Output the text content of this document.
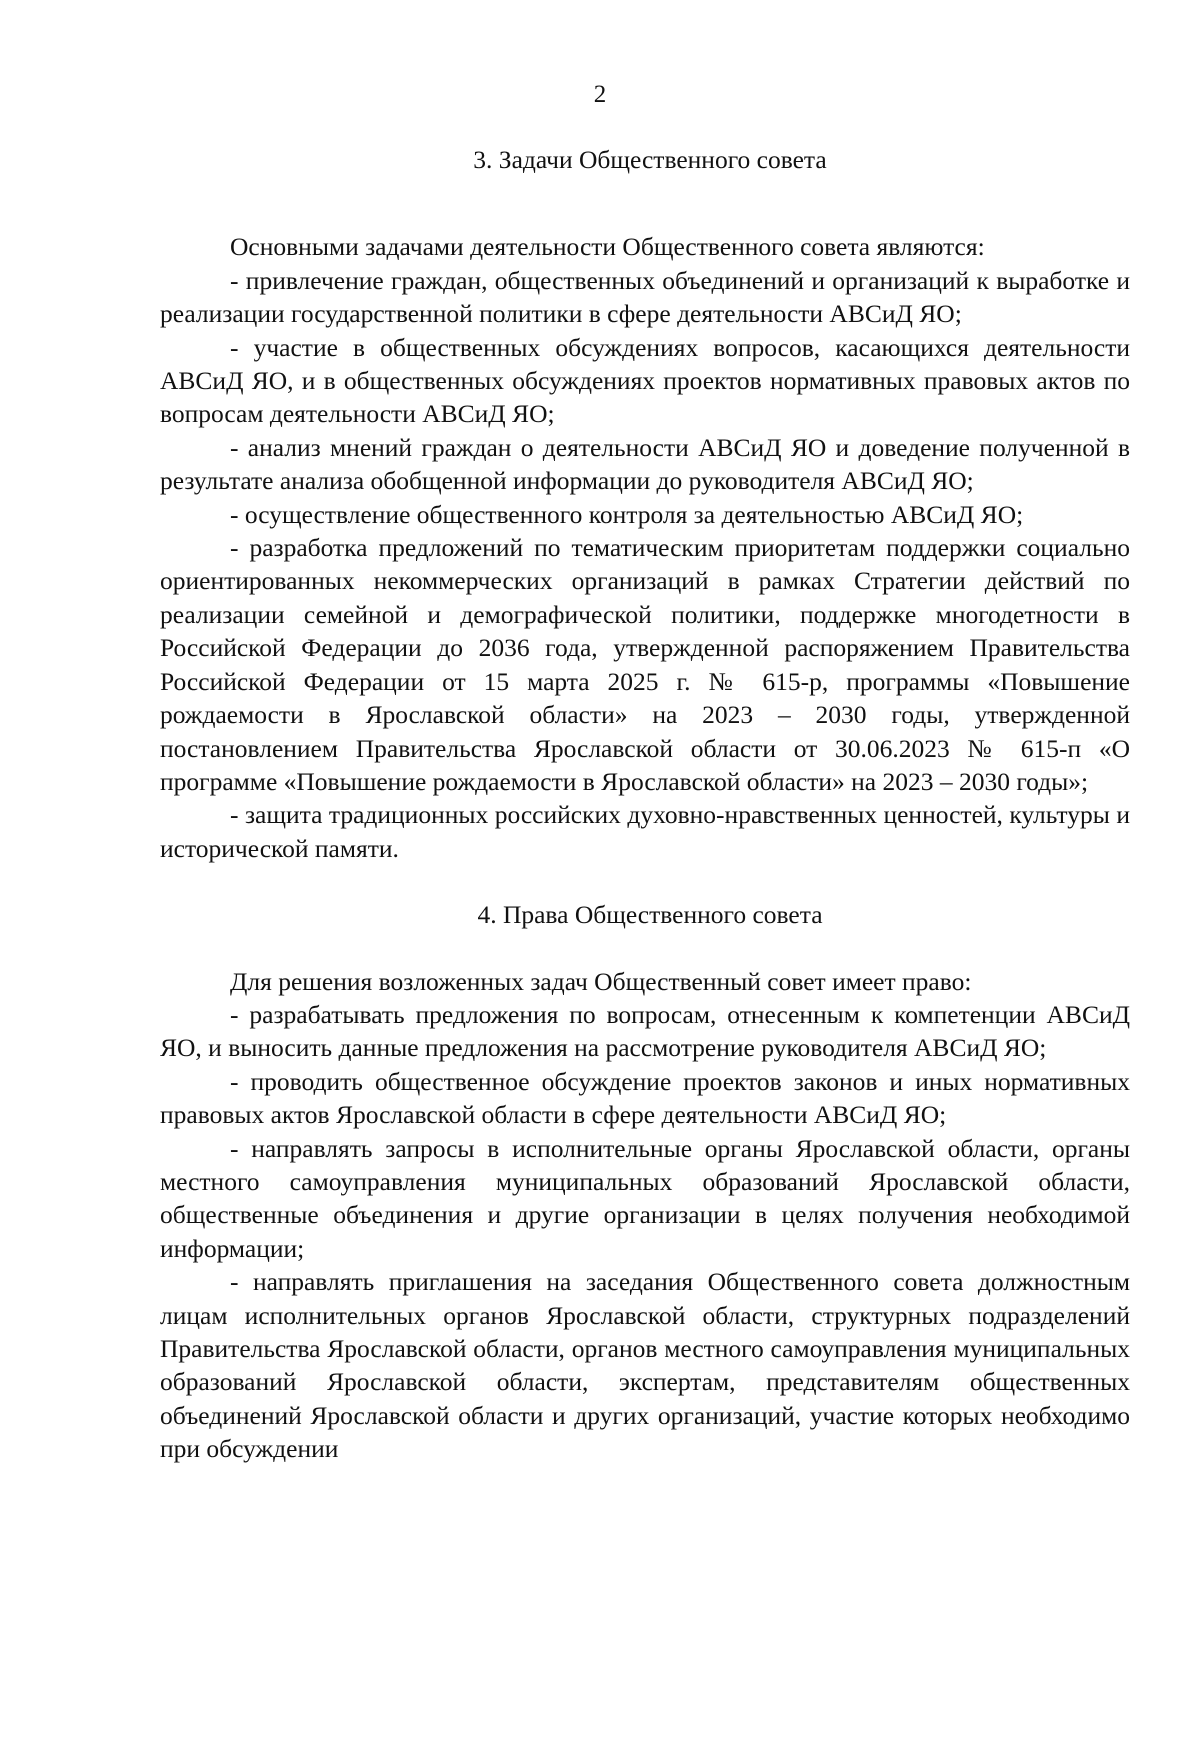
2

3. Задачи Общественного совета

Основными задачами деятельности Общественного совета являются:

- привлечение граждан, общественных объединений и организаций к выработке и реализации государственной политики в сфере деятельности АВСиД ЯО;

- участие в общественных обсуждениях вопросов, касающихся деятельности АВСиД ЯО, и в общественных обсуждениях проектов нормативных правовых актов по вопросам деятельности АВСиД ЯО;

- анализ мнений граждан о деятельности АВСиД ЯО и доведение полученной в результате анализа обобщенной информации до руководителя АВСиД ЯО;

- осуществление общественного контроля за деятельностью АВСиД ЯО;

- разработка предложений по тематическим приоритетам поддержки социально ориентированных некоммерческих организаций в рамках Стратегии действий по реализации семейной и демографической политики, поддержке многодетности в Российской Федерации до 2036 года, утвержденной распоряжением Правительства Российской Федерации от 15 марта 2025 г. № 615-р, программы «Повышение рождаемости в Ярославской области» на 2023 – 2030 годы, утвержденной постановлением Правительства Ярославской области от 30.06.2023 № 615-п «О программе «Повышение рождаемости в Ярославской области» на 2023 – 2030 годы»;

- защита традиционных российских духовно-нравственных ценностей, культуры и исторической памяти.

4. Права Общественного совета

Для решения возложенных задач Общественный совет имеет право:

- разрабатывать предложения по вопросам, отнесенным к компетенции АВСиД ЯО, и выносить данные предложения на рассмотрение руководителя АВСиД ЯО;

- проводить общественное обсуждение проектов законов и иных нормативных правовых актов Ярославской области в сфере деятельности АВСиД ЯО;

- направлять запросы в исполнительные органы Ярославской области, органы местного самоуправления муниципальных образований Ярославской области, общественные объединения и другие организации в целях получения необходимой информации;

- направлять приглашения на заседания Общественного совета должностным лицам исполнительных органов Ярославской области, структурных подразделений Правительства Ярославской области, органов местного самоуправления муниципальных образований Ярославской области, экспертам, представителям общественных объединений Ярославской области и других организаций, участие которых необходимо при обсуждении
